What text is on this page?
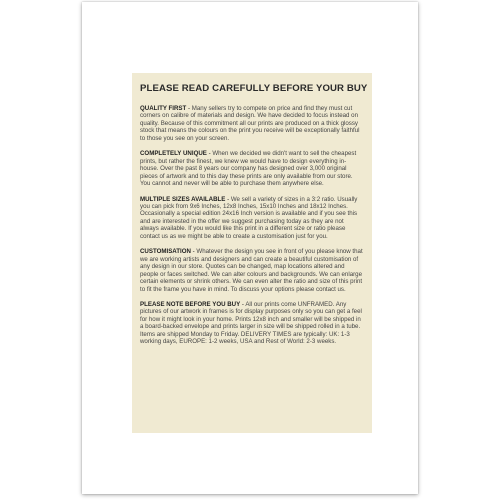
PLEASE READ CAREFULLY BEFORE YOUR BUY

QUALITY FIRST - Many sellers try to compete on price and find they must cut corners on calibre of materials and design. We have decided to focus instead on quality. Because of this commitment all our prints are produced on a thick glossy stock that means the colours on the print you receive will be exceptionally faithful to those you see on your screen.

COMPLETELY UNIQUE - When we decided we didn't want to sell the cheapest prints, but rather the finest, we knew we would have to design everything in-house. Over the past 8 years our company has designed over 3,000 original pieces of artwork and to this day these prints are only available from our store. You cannot and never will be able to purchase them anywhere else.

MULTIPLE SIZES AVAILABLE - We sell a variety of sizes in a 3:2 ratio. Usually you can pick from 9x6 Inches, 12x8 Inches, 15x10 Inches and 18x12 Inches. Occasionally a special edition 24x16 Inch version is available and if you see this and are interested in the offer we suggest purchasing today as they are not always available. If you would like this print in a different size or ratio please contact us as we might be able to create a customisation just for you.

CUSTOMISATION - Whatever the design you see in front of you please know that we are working artists and designers and can create a beautiful customisation of any design in our store. Quotes can be changed, map locations altered and people or faces switched. We can alter colours and backgrounds. We can enlarge certain elements or shrink others. We can even alter the ratio and size of this print to fit the frame you have in mind. To discuss your options please contact us.

PLEASE NOTE BEFORE YOU BUY - All our prints come UNFRAMED. Any pictures of our artwork in frames is for display purposes only so you can get a feel for how it might look in your home. Prints 12x8 inch and smaller will be shipped in a board-backed envelope and prints larger in size will be shipped rolled in a tube. Items are shipped Monday to Friday. DELIVERY TIMES are typically: UK: 1-3 working days, EUROPE: 1-2 weeks, USA and Rest of World: 2-3 weeks.
